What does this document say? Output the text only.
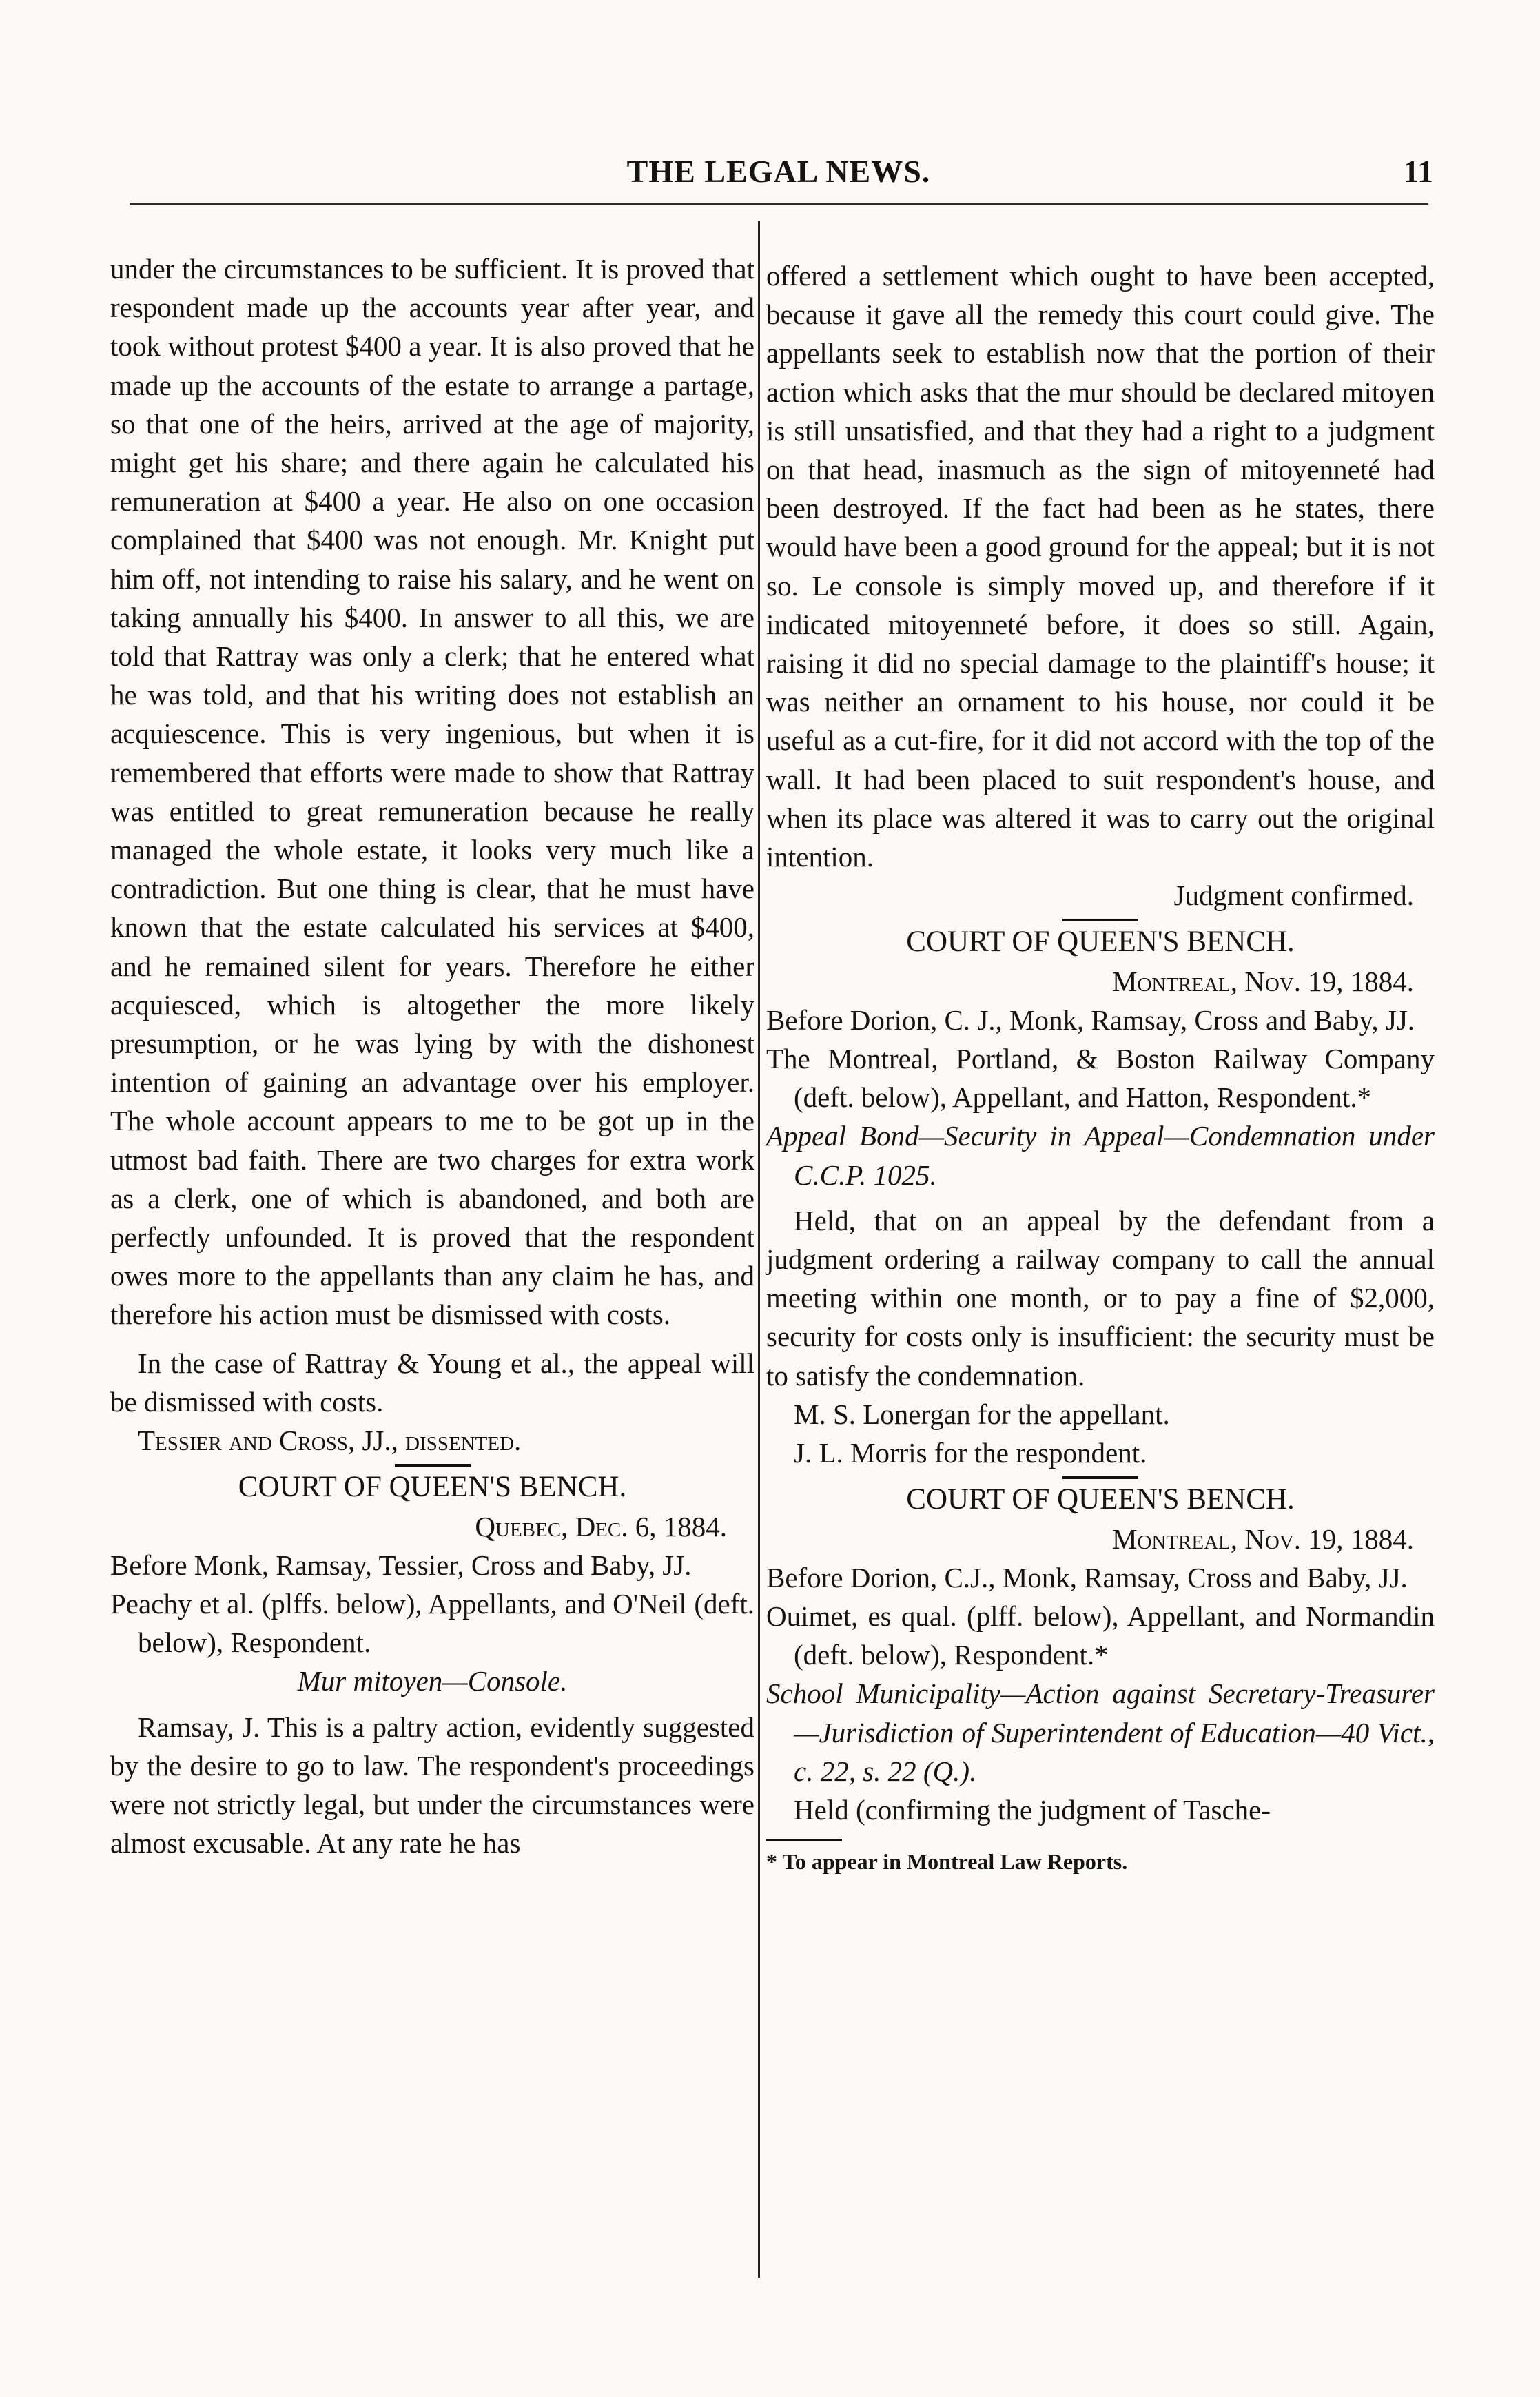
THE LEGAL NEWS.	11

under the circumstances to be sufficient. It is proved that respondent made up the accounts year after year, and took without protest $400 a year. It is also proved that he made up the accounts of the estate to arrange a partage, so that one of the heirs, arrived at the age of majority, might get his share; and there again he calculated his remuneration at $400 a year. He also on one occasion complained that $400 was not enough. Mr. Knight put him off, not intending to raise his salary, and he went on taking annually his $400. In answer to all this, we are told that Rattray was only a clerk; that he entered what he was told, and that his writing does not establish an acquiescence. This is very ingenious, but when it is remembered that efforts were made to show that Rattray was entitled to great remuneration because he really managed the whole estate, it looks very much like a contradiction. But one thing is clear, that he must have known that the estate calculated his services at $400, and he remained silent for years. Therefore he either acquiesced, which is altogether the more likely presumption, or he was lying by with the dishonest intention of gaining an advantage over his employer. The whole account appears to me to be got up in the utmost bad faith. There are two charges for extra work as a clerk, one of which is abandoned, and both are perfectly unfounded. It is proved that the respondent owes more to the appellants than any claim he has, and therefore his action must be dismissed with costs.

In the case of Rattray & Young et al., the appeal will be dismissed with costs.

Tessier and Cross, JJ., dissented.

COURT OF QUEEN'S BENCH.

Quebec, Dec. 6, 1884.

Before Monk, Ramsay, Tessier, Cross and Baby, JJ.

Peachy et al. (plffs. below), Appellants, and O'Neil (deft. below), Respondent.

Mur mitoyen—Console.

Ramsay, J. This is a paltry action, evidently suggested by the desire to go to law. The respondent's proceedings were not strictly legal, but under the circumstances were almost excusable. At any rate he has

offered a settlement which ought to have been accepted, because it gave all the remedy this court could give. The appellants seek to establish now that the portion of their action which asks that the mur should be declared mitoyen is still unsatisfied, and that they had a right to a judgment on that head, inasmuch as the sign of mitoyenneté had been destroyed. If the fact had been as he states, there would have been a good ground for the appeal; but it is not so. Le console is simply moved up, and therefore if it indicated mitoyenneté before, it does so still. Again, raising it did no special damage to the plaintiff's house; it was neither an ornament to his house, nor could it be useful as a cut-fire, for it did not accord with the top of the wall. It had been placed to suit respondent's house, and when its place was altered it was to carry out the original intention.

Judgment confirmed.

COURT OF QUEEN'S BENCH.

Montreal, Nov. 19, 1884.

Before Dorion, C. J., Monk, Ramsay, Cross and Baby, JJ.

The Montreal, Portland, & Boston Railway Company (deft. below), Appellant, and Hatton, Respondent.*

Appeal Bond—Security in Appeal—Condemnation under C.C.P. 1025.

Held, that on an appeal by the defendant from a judgment ordering a railway company to call the annual meeting within one month, or to pay a fine of $2,000, security for costs only is insufficient: the security must be to satisfy the condemnation.

M. S. Lonergan for the appellant.

J. L. Morris for the respondent.

COURT OF QUEEN'S BENCH.

Montreal, Nov. 19, 1884.

Before Dorion, C.J., Monk, Ramsay, Cross and Baby, JJ.

Ouimet, es qual. (plff. below), Appellant, and Normandin (deft. below), Respondent.*

School Municipality—Action against Secretary-Treasurer—Jurisdiction of Superintendent of Education—40 Vict., c. 22, s. 22 (Q.).

Held (confirming the judgment of Tasche-

* To appear in Montreal Law Reports.
